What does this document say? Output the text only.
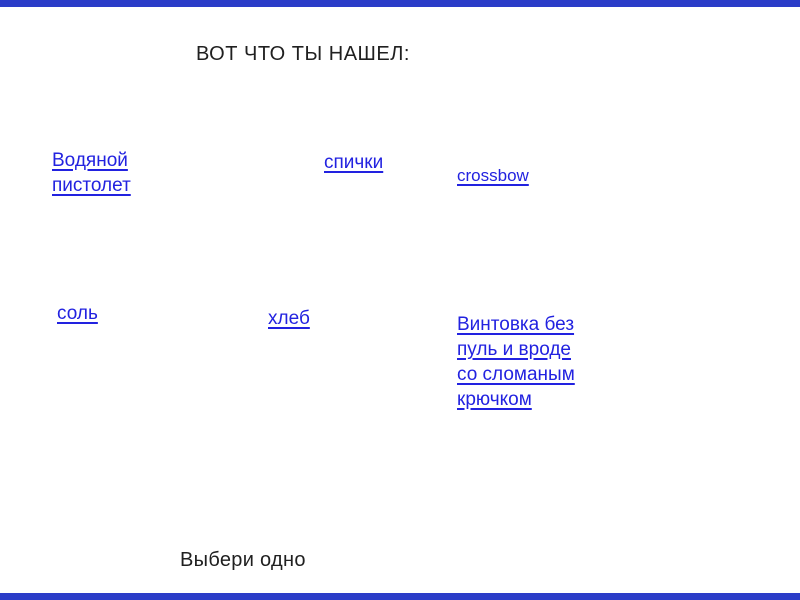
ВОТ ЧТО ТЫ НАШЕЛ:
Водяной пистолет
спички
crossbow
соль	хлеб	Винтовка без пуль и вроде со сломаным крючком
Выбери одно
